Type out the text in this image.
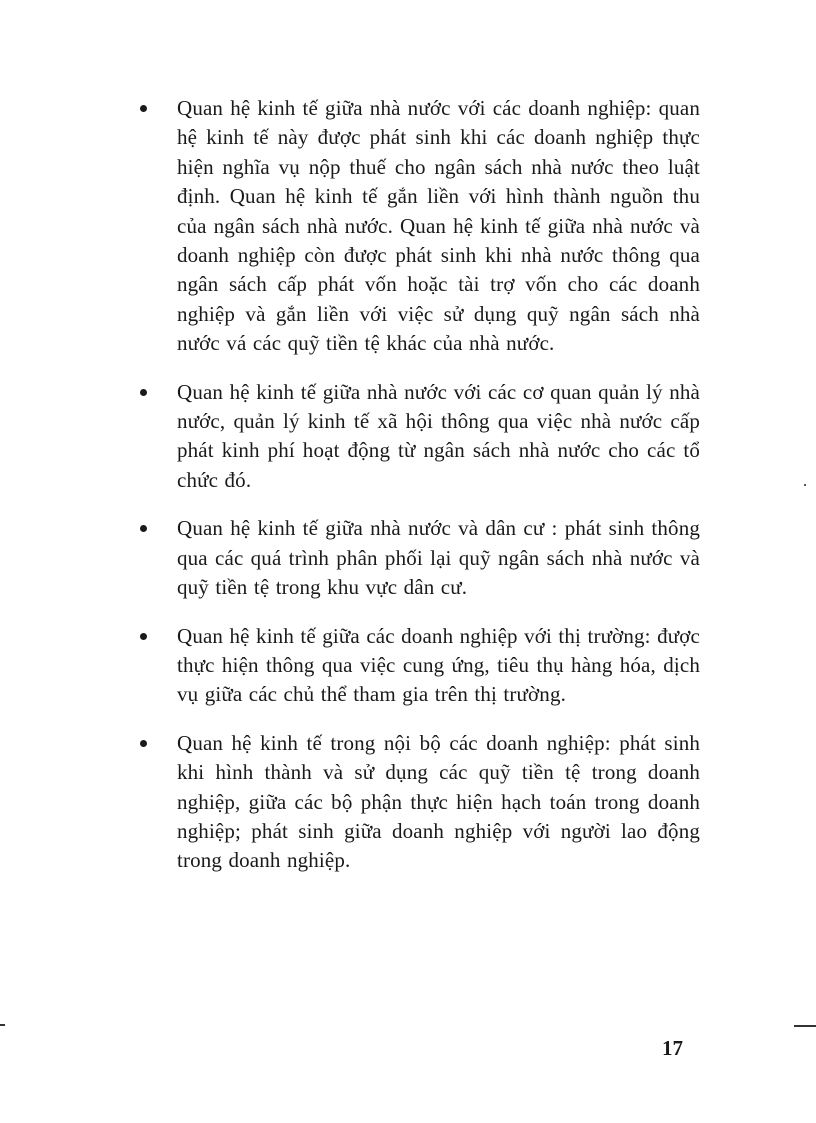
Quan hệ kinh tế giữa nhà nước với các doanh nghiệp: quan hệ kinh tế này được phát sinh khi các doanh nghiệp thực hiện nghĩa vụ nộp thuế cho ngân sách nhà nước theo luật định. Quan hệ kinh tế gắn liền với hình thành nguồn thu của ngân sách nhà nước. Quan hệ kinh tế giữa nhà nước và doanh nghiệp còn được phát sinh khi nhà nước thông qua ngân sách cấp phát vốn hoặc tài trợ vốn cho các doanh nghiệp và gắn liền với việc sử dụng quỹ ngân sách nhà nước vá các quỹ tiền tệ khác của nhà nước.
Quan hệ kinh tế giữa nhà nước với các cơ quan quản lý nhà nước, quản lý kinh tế xã hội thông qua việc nhà nước cấp phát kinh phí hoạt động từ ngân sách nhà nước cho các tổ chức đó.
Quan hệ kinh tế giữa nhà nước và dân cư : phát sinh thông qua các quá trình phân phối lại quỹ ngân sách nhà nước và quỹ tiền tệ trong khu vực dân cư.
Quan hệ kinh tế giữa các doanh nghiệp với thị trường: được thực hiện thông qua việc cung ứng, tiêu thụ hàng hóa, dịch vụ giữa các chủ thể tham gia trên thị trường.
Quan hệ kinh tế trong nội bộ các doanh nghiệp: phát sinh khi hình thành và sử dụng các quỹ tiền tệ trong doanh nghiệp, giữa các bộ phận thực hiện hạch toán trong doanh nghiệp; phát sinh giữa doanh nghiệp với người lao động trong doanh nghiệp.
17
